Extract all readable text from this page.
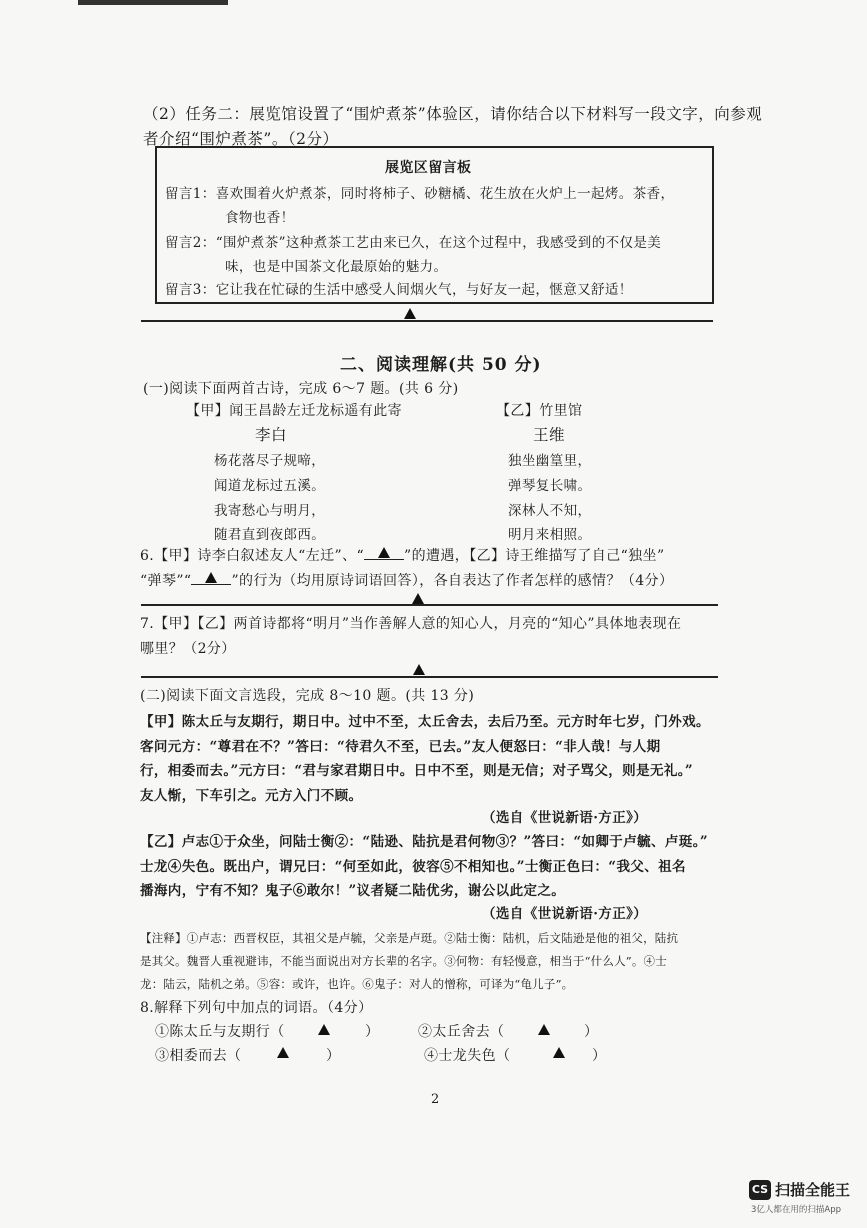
（2）任务二：展览馆设置了“围炉煮茶”体验区，请你结合以下材料写一段文字，向参观
者介绍“围炉煮茶”。（2分）
展览区留言板
留言1：喜欢围着火炉煮茶，同时将柿子、砂糖橘、花生放在火炉上一起烤。茶香，
食物也香！
留言2：“围炉煮茶”这种煮茶工艺由来已久，在这个过程中，我感受到的不仅是美
味，也是中国茶文化最原始的魅力。
留言3：它让我在忙碌的生活中感受人间烟火气，与好友一起，惬意又舒适！
二、阅读理解(共 50 分)
(一)阅读下面两首古诗，完成 6～7 题。(共 6 分)
【甲】闻王昌龄左迁龙标遥有此寄
李白
杨花落尽子规啼，
闻道龙标过五溪。
我寄愁心与明月，
随君直到夜郎西。
【乙】竹里馆
王维
独坐幽篁里，
弹琴复长啸。
深林人不知，
明月来相照。
6.【甲】诗李白叙述友人“左迁”、“	”的遭遇，【乙】诗王维描写了自己“独坐”
“弹琴”“	”的行为（均用原诗词语回答），各自表达了作者怎样的感情？（4分）
7.【甲】【乙】两首诗都将“明月”当作善解人意的知心人，月亮的“知心”具体地表现在
哪里？（2分）
(二)阅读下面文言选段，完成 8～10 题。(共 13 分)
【甲】陈太丘与友期行，期日中。过中不至，太丘舍去，去后乃至。元方时年七岁，门外戏。
客问元方：“尊君在不？”答曰：“待君久不至，已去。”友人便怒曰：“非人哉！与人期
行，相委而去。”元方曰：“君与家君期日中。日中不至，则是无信；对子骂父，则是无礼。”
友人惭，下车引之。元方入门不顾。
（选自《世说新语·方正》）
【乙】卢志①于众坐，问陆士衡②：“陆逊、陆抗是君何物③？”答曰：“如卿于卢毓、卢珽。”
士龙④失色。既出户，谓兄曰：“何至如此，彼容⑤不相知也。”士衡正色曰：“我父、祖名
播海内，宁有不知？鬼子⑥敢尔！”议者疑二陆优劣，谢公以此定之。
（选自《世说新语·方正》）
【注释】①卢志：西晋权臣，其祖父是卢毓，父亲是卢珽。②陆士衡：陆机，后文陆逊是他的祖父，陆抗
是其父。魏晋人重视避讳，不能当面说出对方长辈的名字。③何物：有轻慢意，相当于“什么人”。④士
龙：陆云，陆机之弟。⑤容：或许，也许。⑥鬼子：对人的憎称，可译为“龟儿子”。
8.解释下列句中加点的词语。（4分）
①陈太丘与友期行（	）	②太丘舍去（	）
③相委而去（	）	④士龙失色（	）
2
CS 扫描全能王
3亿人都在用的扫描App
